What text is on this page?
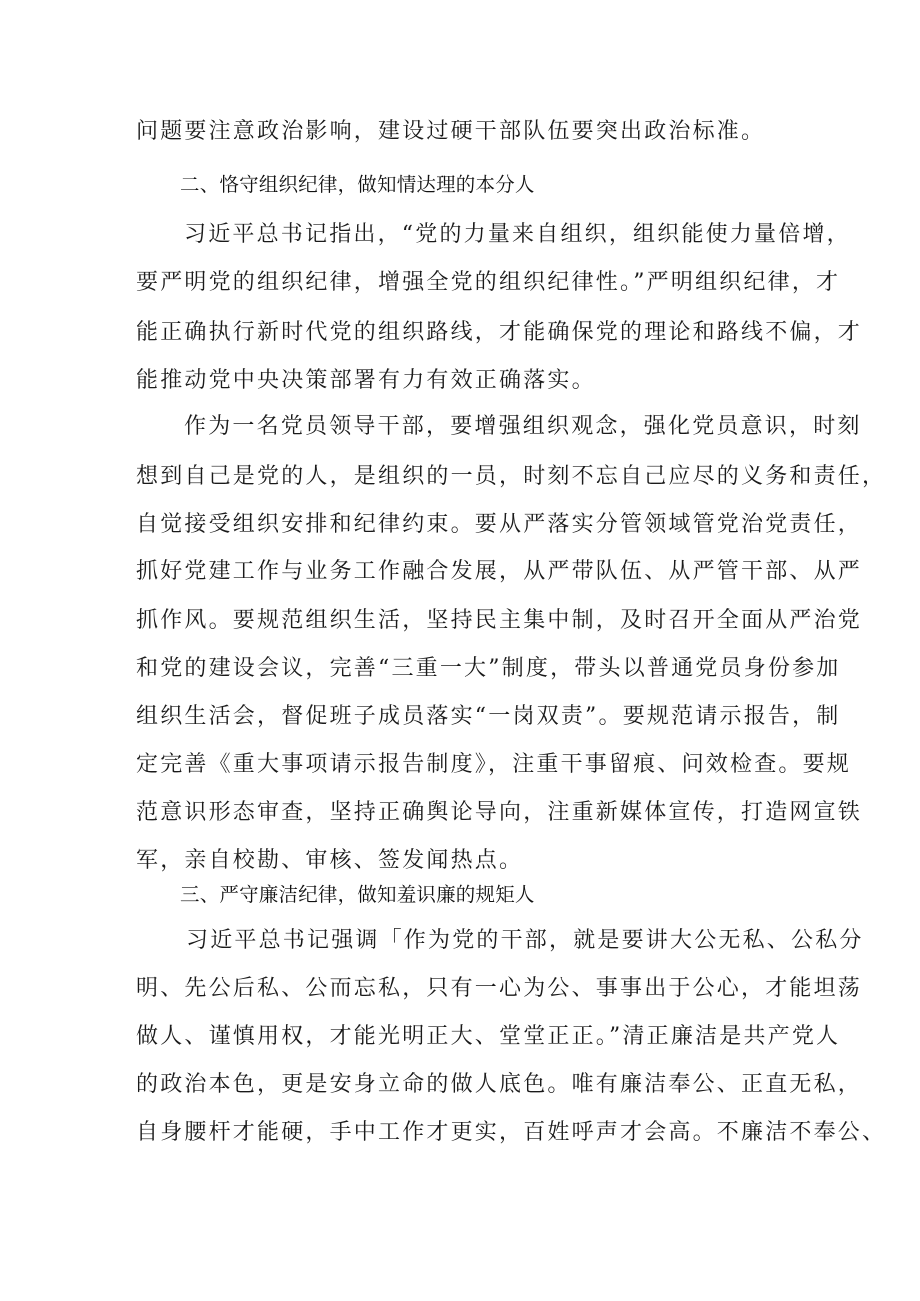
问题要注意政治影响，建设过硬干部队伍要突出政治标准。
二、恪守组织纪律，做知情达理的本分人
习近平总书记指出，“党的力量来自组织，组织能使力量倍增，
要严明党的组织纪律，增强全党的组织纪律性。”严明组织纪律，才
能正确执行新时代党的组织路线，才能确保党的理论和路线不偏，才
能推动党中央决策部署有力有效正确落实。
作为一名党员领导干部，要增强组织观念，强化党员意识，时刻
想到自己是党的人，是组织的一员，时刻不忘自己应尽的义务和责任，
自觉接受组织安排和纪律约束。要从严落实分管领域管党治党责任，
抓好党建工作与业务工作融合发展，从严带队伍、从严管干部、从严
抓作风。要规范组织生活，坚持民主集中制，及时召开全面从严治党
和党的建设会议，完善“三重一大”制度，带头以普通党员身份参加
组织生活会，督促班子成员落实“一岗双责”。要规范请示报告，制
定完善《重大事项请示报告制度》，注重干事留痕、问效检查。要规
范意识形态审查，坚持正确舆论导向，注重新媒体宣传，打造网宣铁
军，亲自校勘、审核、签发闻热点。
三、严守廉洁纪律，做知羞识廉的规矩人
习近平总书记强调「作为党的干部，就是要讲大公无私、公私分
明、先公后私、公而忘私，只有一心为公、事事出于公心，才能坦荡
做人、谨慎用权，才能光明正大、堂堂正正。”清正廉洁是共产党人
的政治本色，更是安身立命的做人底色。唯有廉洁奉公、正直无私，
自身腰杆才能硬，手中工作才更实，百姓呼声才会高。不廉洁不奉公、
